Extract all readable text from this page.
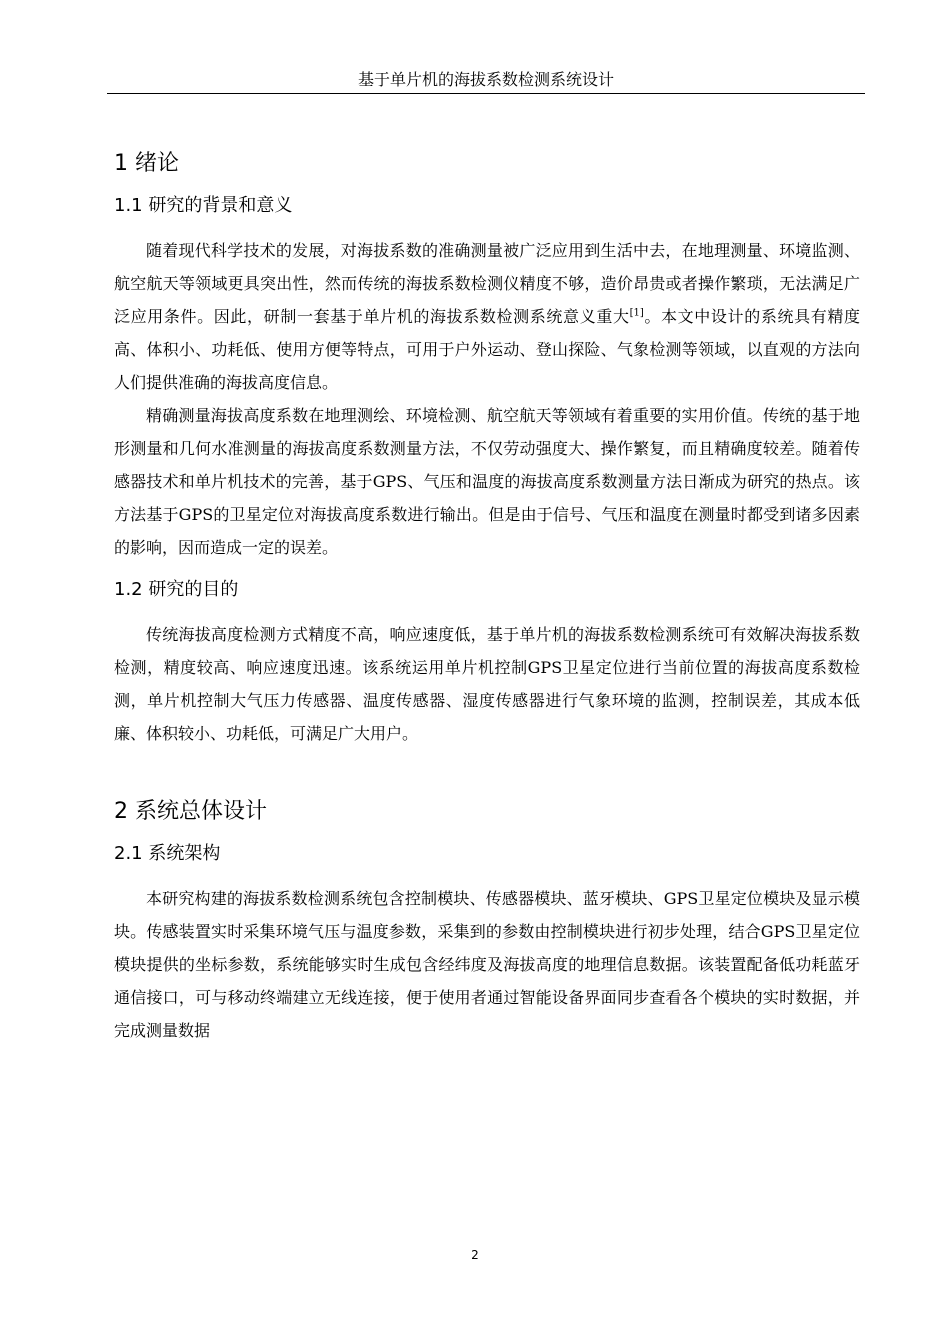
基于单片机的海拔系数检测系统设计
1 绪论
1.1 研究的背景和意义

随着现代科学技术的发展，对海拔系数的准确测量被广泛应用到生活中去，在地理测量、环境监测、航空航天等领域更具突出性，然而传统的海拔系数检测仪精度不够，造价昂贵或者操作繁琐，无法满足广泛应用条件。因此，研制一套基于单片机的海拔系数检测系统意义重大[1]。本文中设计的系统具有精度高、体积小、功耗低、使用方便等特点，可用于户外运动、登山探险、气象检测等领域，以直观的方法向人们提供准确的海拔高度信息。

精确测量海拔高度系数在地理测绘、环境检测、航空航天等领域有着重要的实用价值。传统的基于地形测量和几何水准测量的海拔高度系数测量方法，不仅劳动强度大、操作繁复，而且精确度较差。随着传感器技术和单片机技术的完善，基于GPS、气压和温度的海拔高度系数测量方法日渐成为研究的热点。该方法基于GPS的卫星定位对海拔高度系数进行输出。但是由于信号、气压和温度在测量时都受到诸多因素的影响，因而造成一定的误差。

1.2 研究的目的

传统海拔高度检测方式精度不高，响应速度低，基于单片机的海拔系数检测系统可有效解决海拔系数检测，精度较高、响应速度迅速。该系统运用单片机控制GPS卫星定位进行当前位置的海拔高度系数检测，单片机控制大气压力传感器、温度传感器、湿度传感器进行气象环境的监测，控制误差，其成本低廉、体积较小、功耗低，可满足广大用户。

2 系统总体设计
2.1 系统架构

本研究构建的海拔系数检测系统包含控制模块、传感器模块、蓝牙模块、GPS卫星定位模块及显示模块。传感装置实时采集环境气压与温度参数，采集到的参数由控制模块进行初步处理，结合GPS卫星定位模块提供的坐标参数，系统能够实时生成包含经纬度及海拔高度的地理信息数据。该装置配备低功耗蓝牙通信接口，可与移动终端建立无线连接，便于使用者通过智能设备界面同步查看各个模块的实时数据，并完成测量数据

2
